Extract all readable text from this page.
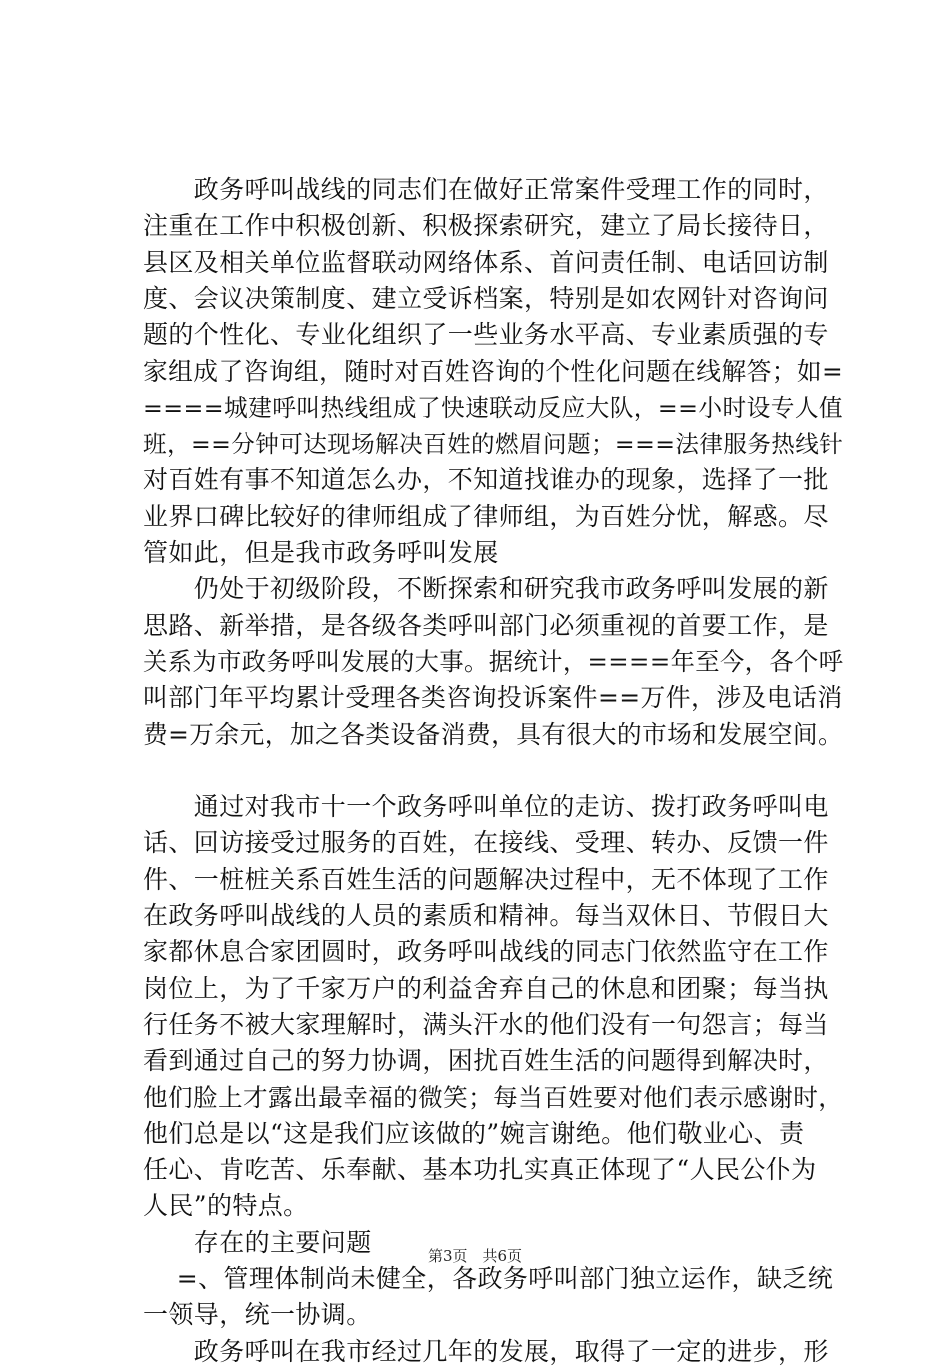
　　政务呼叫战线的同志们在做好正常案件受理工作的同时，
注重在工作中积极创新、积极探索研究，建立了局长接待日，
县区及相关单位监督联动网络体系、首问责任制、电话回访制
度、会议决策制度、建立受诉档案，特别是如农网针对咨询问
题的个性化、专业化组织了一些业务水平高、专业素质强的专
家组成了咨询组，随时对百姓咨询的个性化问题在线解答；如=
====城建呼叫热线组成了快速联动反应大队，==小时设专人值
班，==分钟可达现场解决百姓的燃眉问题；===法律服务热线针
对百姓有事不知道怎么办，不知道找谁办的现象，选择了一批
业界口碑比较好的律师组成了律师组，为百姓分忧，解惑。尽
管如此，但是我市政务呼叫发展
　　仍处于初级阶段，不断探索和研究我市政务呼叫发展的新
思路、新举措，是各级各类呼叫部门必须重视的首要工作，是
关系为市政务呼叫发展的大事。据统计，====年至今，各个呼
叫部门年平均累计受理各类咨询投诉案件==万件，涉及电话消
费=万余元，加之各类设备消费，具有很大的市场和发展空间。
　　通过对我市十一个政务呼叫单位的走访、拨打政务呼叫电
话、回访接受过服务的百姓，在接线、受理、转办、反馈一件
件、一桩桩关系百姓生活的问题解决过程中，无不体现了工作
在政务呼叫战线的人员的素质和精神。每当双休日、节假日大
家都休息合家团圆时，政务呼叫战线的同志门依然监守在工作
岗位上，为了千家万户的利益舍弃自己的休息和团聚；每当执
行任务不被大家理解时，满头汗水的他们没有一句怨言；每当
看到通过自己的努力协调，困扰百姓生活的问题得到解决时，
他们脸上才露出最幸福的微笑；每当百姓要对他们表示感谢时，
他们总是以“这是我们应该做的”婉言谢绝。他们敬业心、责
任心、肯吃苦、乐奉献、基本功扎实真正体现了“人民公仆为
人民”的特点。
　　存在的主要问题
　 =、管理体制尚未健全，各政务呼叫部门独立运作，缺乏统
一领导，统一协调。
　　政务呼叫在我市经过几年的发展，取得了一定的进步，形
第3页　共6页
